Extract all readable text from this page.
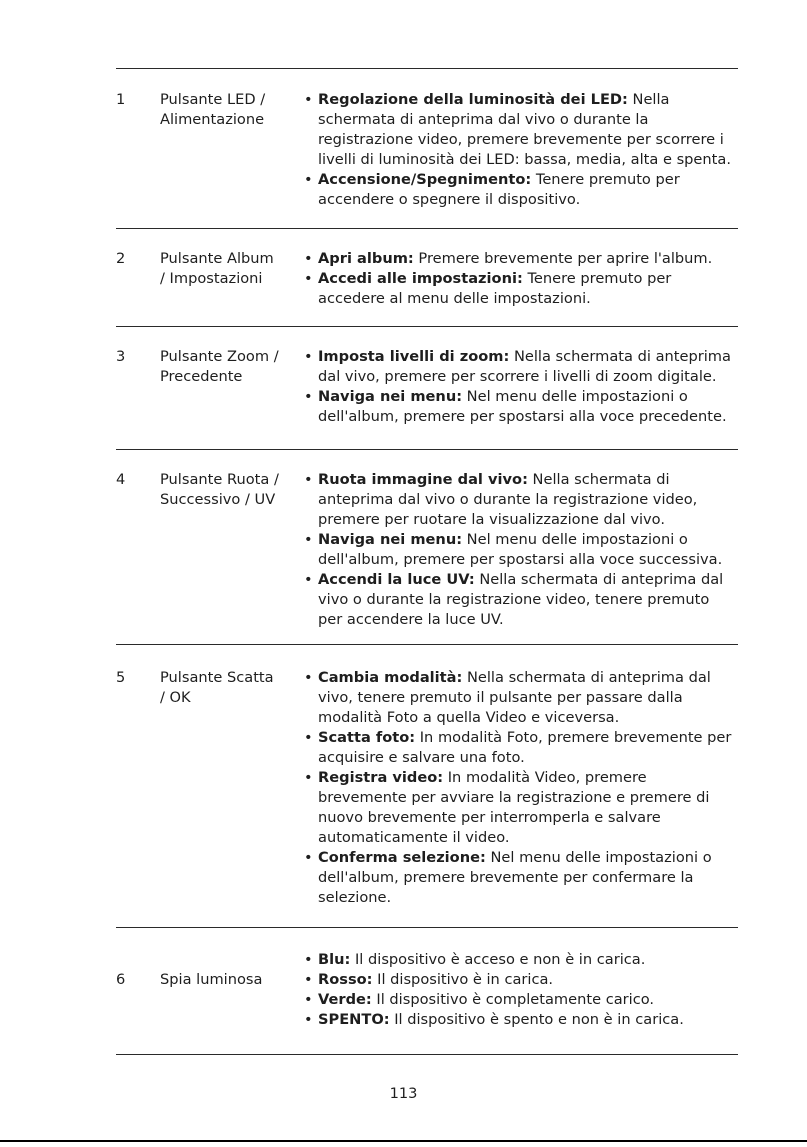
1	Pulsante LED / Alimentazione
• Regolazione della luminosità dei LED: Nella schermata di anteprima dal vivo o durante la registrazione video, premere brevemente per scorrere i livelli di luminosità dei LED: bassa, media, alta e spenta.
• Accensione/Spegnimento: Tenere premuto per accendere o spegnere il dispositivo.
2	Pulsante Album / Impostazioni
• Apri album: Premere brevemente per aprire l'album.
• Accedi alle impostazioni: Tenere premuto per accedere al menu delle impostazioni.
3	Pulsante Zoom / Precedente
• Imposta livelli di zoom: Nella schermata di anteprima dal vivo, premere per scorrere i livelli di zoom digitale.
• Naviga nei menu: Nel menu delle impostazioni o dell'album, premere per spostarsi alla voce precedente.
4	Pulsante Ruota / Successivo / UV
• Ruota immagine dal vivo: Nella schermata di anteprima dal vivo o durante la registrazione video, premere per ruotare la visualizzazione dal vivo.
• Naviga nei menu: Nel menu delle impostazioni o dell'album, premere per spostarsi alla voce successiva.
• Accendi la luce UV: Nella schermata di anteprima dal vivo o durante la registrazione video, tenere premuto per accendere la luce UV.
5	Pulsante Scatta / OK
• Cambia modalità: Nella schermata di anteprima dal vivo, tenere premuto il pulsante per passare dalla modalità Foto a quella Video e viceversa.
• Scatta foto: In modalità Foto, premere brevemente per acquisire e salvare una foto.
• Registra video: In modalità Video, premere brevemente per avviare la registrazione e premere di nuovo brevemente per interromperla e salvare automaticamente il video.
• Conferma selezione: Nel menu delle impostazioni o dell'album, premere brevemente per confermare la selezione.
6	Spia luminosa
• Blu: Il dispositivo è acceso e non è in carica.
• Rosso: Il dispositivo è in carica.
• Verde: Il dispositivo è completamente carico.
• SPENTO: Il dispositivo è spento e non è in carica.
113
